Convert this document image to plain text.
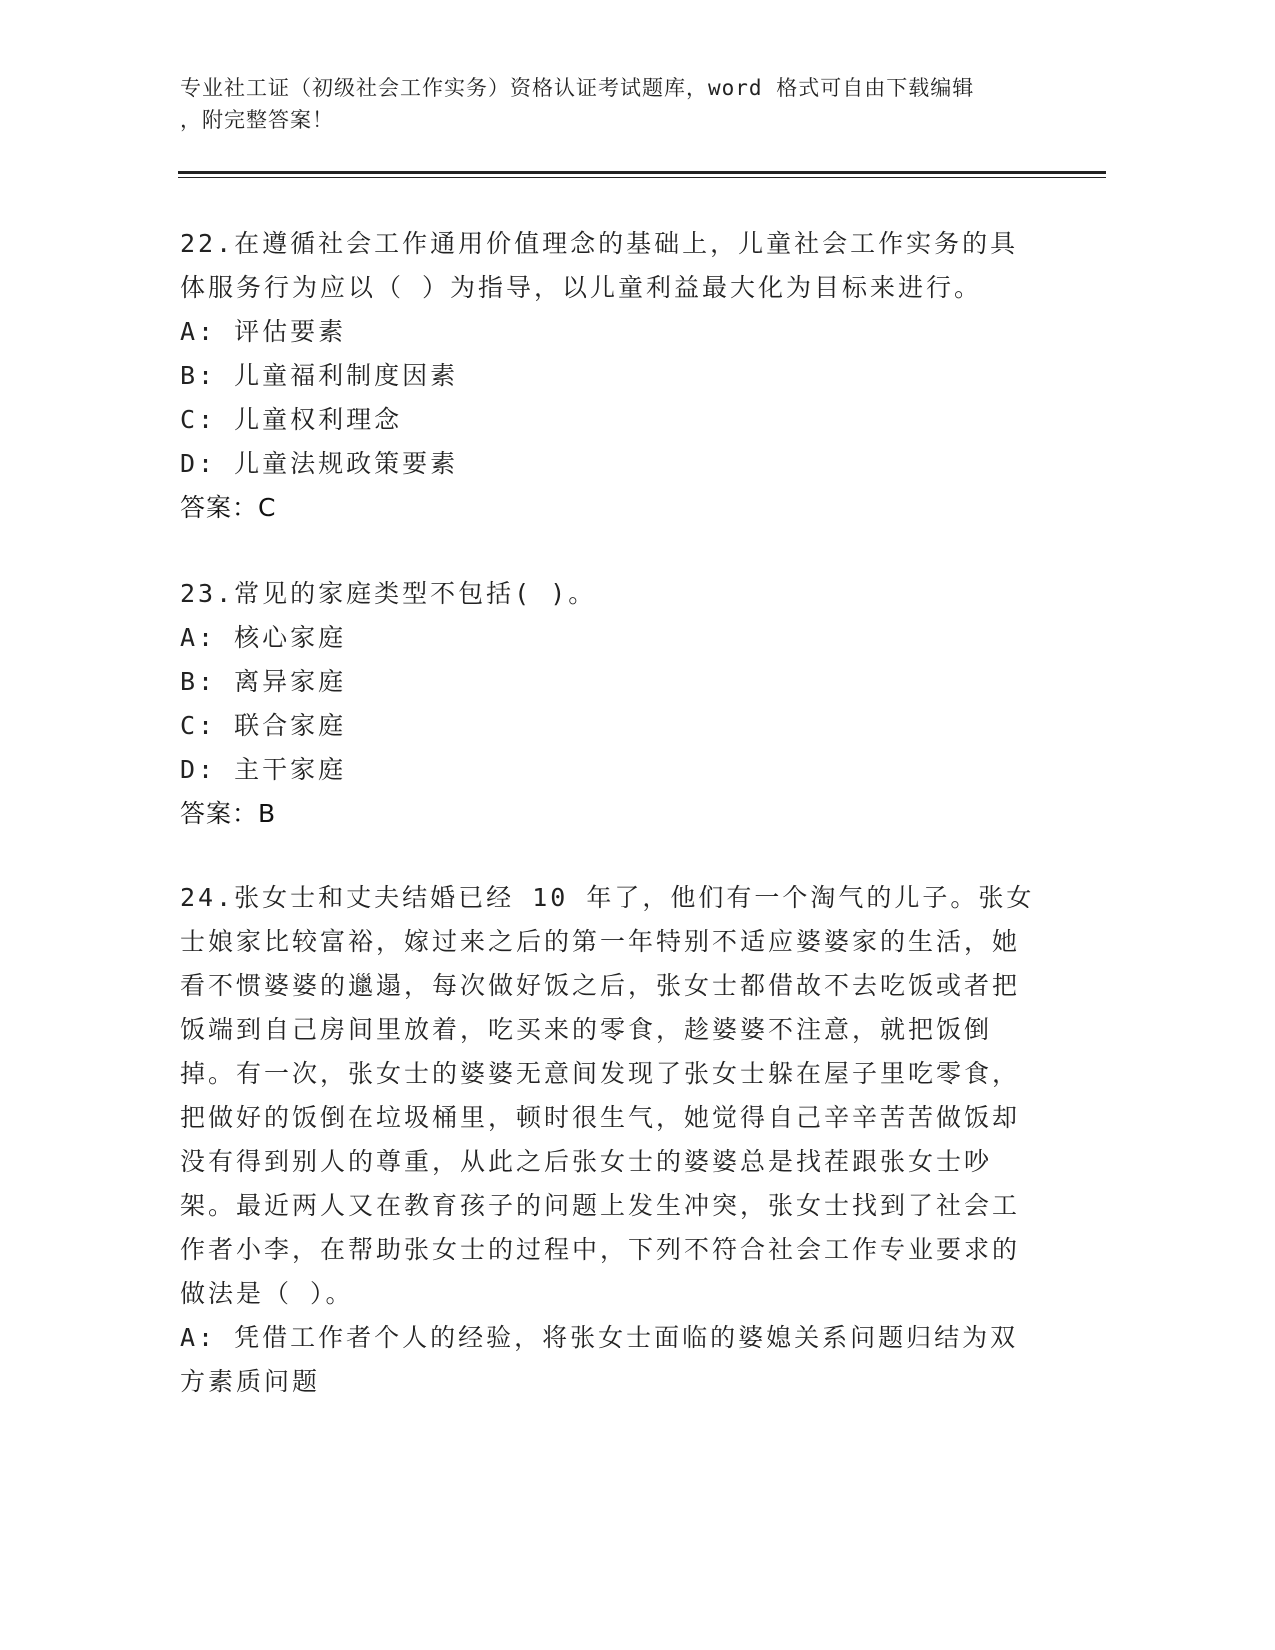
专业社工证（初级社会工作实务）资格认证考试题库，word 格式可自由下载编辑
，附完整答案！

22.在遵循社会工作通用价值理念的基础上，儿童社会工作实务的具体服务行为应以（ ）为指导，以儿童利益最大化为目标来进行。

A: 评估要素

B: 儿童福利制度因素

C: 儿童权利理念

D: 儿童法规政策要素

答案：C

23.常见的家庭类型不包括( )。

A: 核心家庭

B: 离异家庭

C: 联合家庭

D: 主干家庭

答案：B

24.张女士和丈夫结婚已经 10 年了，他们有一个淘气的儿子。张女士娘家比较富裕，嫁过来之后的第一年特别不适应婆婆家的生活，她看不惯婆婆的邋遢，每次做好饭之后，张女士都借故不去吃饭或者把饭端到自己房间里放着，吃买来的零食，趁婆婆不注意，就把饭倒掉。有一次，张女士的婆婆无意间发现了张女士躲在屋子里吃零食，把做好的饭倒在垃圾桶里，顿时很生气，她觉得自己辛辛苦苦做饭却没有得到别人的尊重，从此之后张女士的婆婆总是找茬跟张女士吵架。最近两人又在教育孩子的问题上发生冲突，张女士找到了社会工作者小李，在帮助张女士的过程中，下列不符合社会工作专业要求的做法是（ ）。

A: 凭借工作者个人的经验，将张女士面临的婆媳关系问题归结为双方素质问题
